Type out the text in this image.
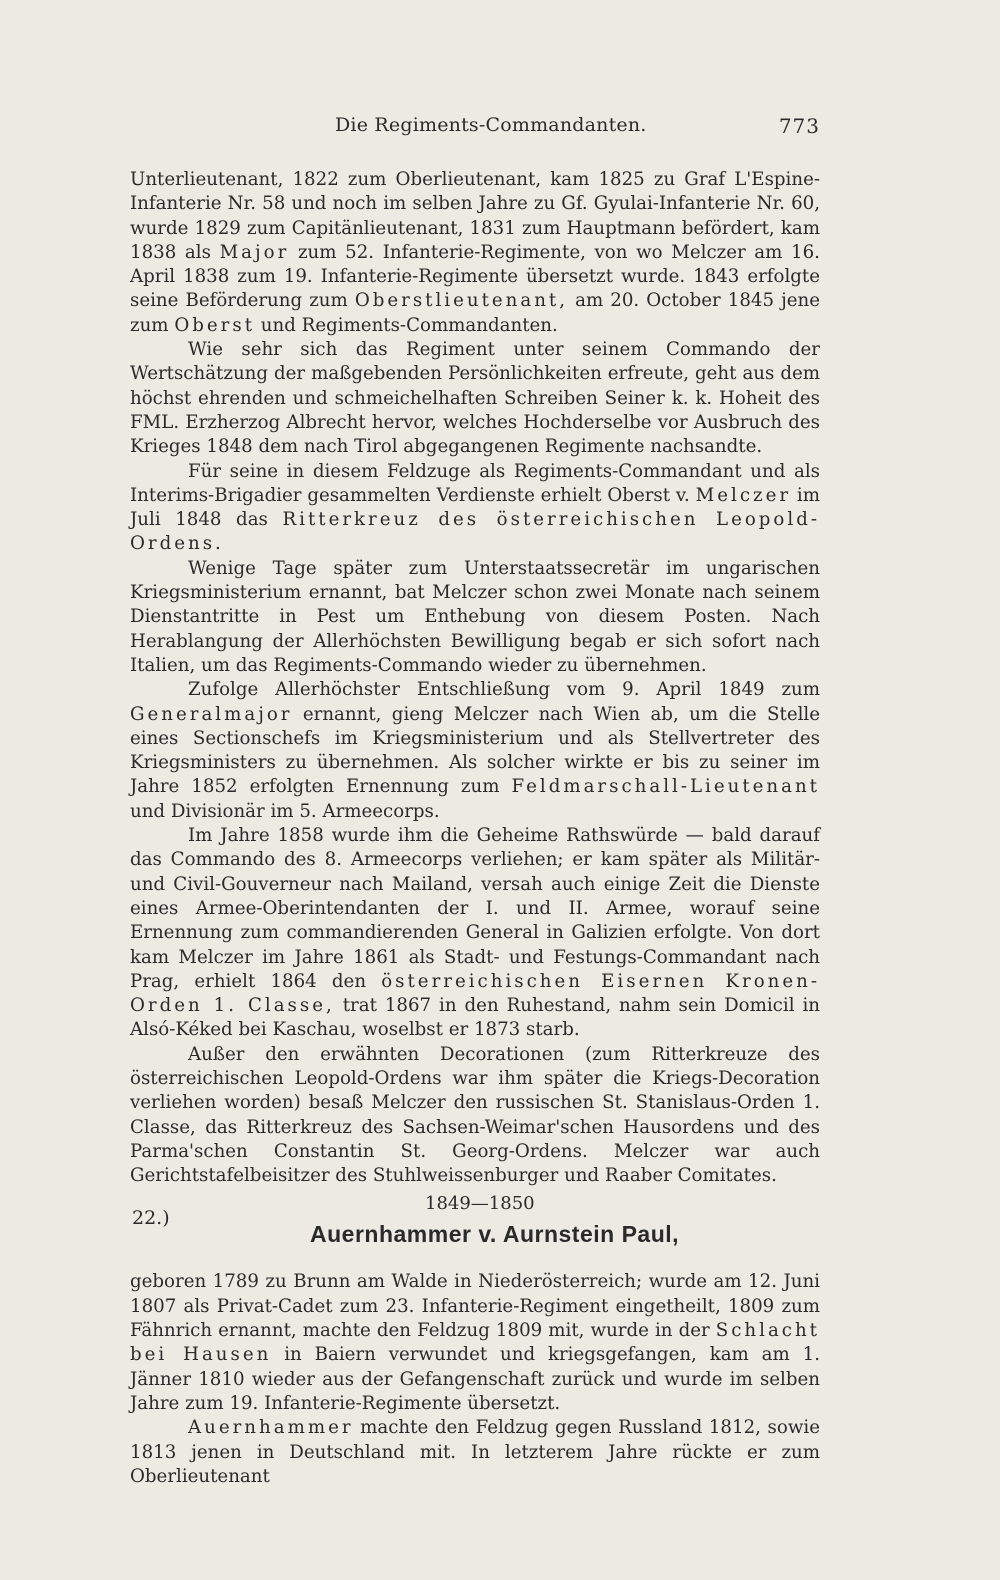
Die Regiments-Commandanten.	773

Unterlieutenant, 1822 zum Oberlieutenant, kam 1825 zu Graf L'Espine-Infanterie Nr. 58 und noch im selben Jahre zu Gf. Gyulai-Infanterie Nr. 60, wurde 1829 zum Capitänlieutenant, 1831 zum Hauptmann befördert, kam 1838 als Major zum 52. Infanterie-Regimente, von wo Melczer am 16. April 1838 zum 19. Infanterie-Regimente übersetzt wurde. 1843 erfolgte seine Beförderung zum Oberstlieutenant, am 20. October 1845 jene zum Oberst und Regiments-Commandanten.

Wie sehr sich das Regiment unter seinem Commando der Wertschätzung der maßgebenden Persönlichkeiten erfreute, geht aus dem höchst ehrenden und schmeichelhaften Schreiben Seiner k. k. Hoheit des FML. Erzherzog Albrecht hervor, welches Hochderselbe vor Ausbruch des Krieges 1848 dem nach Tirol abgegangenen Regimente nachsandte.

Für seine in diesem Feldzuge als Regiments-Commandant und als Interims-Brigadier gesammelten Verdienste erhielt Oberst v. Melczer im Juli 1848 das Ritterkreuz des österreichischen Leopold-Ordens.

Wenige Tage später zum Unterstaatssecretär im ungarischen Kriegsministerium ernannt, bat Melczer schon zwei Monate nach seinem Dienstantritte in Pest um Enthebung von diesem Posten. Nach Herablangung der Allerhöchsten Bewilligung begab er sich sofort nach Italien, um das Regiments-Commando wieder zu übernehmen.

Zufolge Allerhöchster Entschließung vom 9. April 1849 zum Generalmajor ernannt, gieng Melczer nach Wien ab, um die Stelle eines Sectionschefs im Kriegsministerium und als Stellvertreter des Kriegsministers zu übernehmen. Als solcher wirkte er bis zu seiner im Jahre 1852 erfolgten Ernennung zum Feldmarschall-Lieutenant und Divisionär im 5. Armeecorps.

Im Jahre 1858 wurde ihm die Geheime Rathswürde — bald darauf das Commando des 8. Armeecorps verliehen; er kam später als Militär- und Civil-Gouverneur nach Mailand, versah auch einige Zeit die Dienste eines Armee-Oberintendanten der I. und II. Armee, worauf seine Ernennung zum commandierenden General in Galizien erfolgte. Von dort kam Melczer im Jahre 1861 als Stadt- und Festungs-Commandant nach Prag, erhielt 1864 den österreichischen Eisernen Kronen-Orden 1. Classe, trat 1867 in den Ruhestand, nahm sein Domicil in Alsó-Kéked bei Kaschau, woselbst er 1873 starb.

Außer den erwähnten Decorationen (zum Ritterkreuze des österreichischen Leopold-Ordens war ihm später die Kriegs-Decoration verliehen worden) besaß Melczer den russischen St. Stanislaus-Orden 1. Classe, das Ritterkreuz des Sachsen-Weimar'schen Hausordens und des Parma'schen Constantin St. Georg-Ordens. Melczer war auch Gerichtstafelbeisitzer des Stuhlweissenburger und Raaber Comitates.

22.)
1849—1850
Auernhammer v. Aurnstein Paul,

geboren 1789 zu Brunn am Walde in Niederösterreich; wurde am 12. Juni 1807 als Privat-Cadet zum 23. Infanterie-Regiment eingetheilt, 1809 zum Fähnrich ernannt, machte den Feldzug 1809 mit, wurde in der Schlacht bei Hausen in Baiern verwundet und kriegsgefangen, kam am 1. Jänner 1810 wieder aus der Gefangenschaft zurück und wurde im selben Jahre zum 19. Infanterie-Regimente übersetzt.

Auernhammer machte den Feldzug gegen Russland 1812, sowie 1813 jenen in Deutschland mit. In letzterem Jahre rückte er zum Oberlieutenant
